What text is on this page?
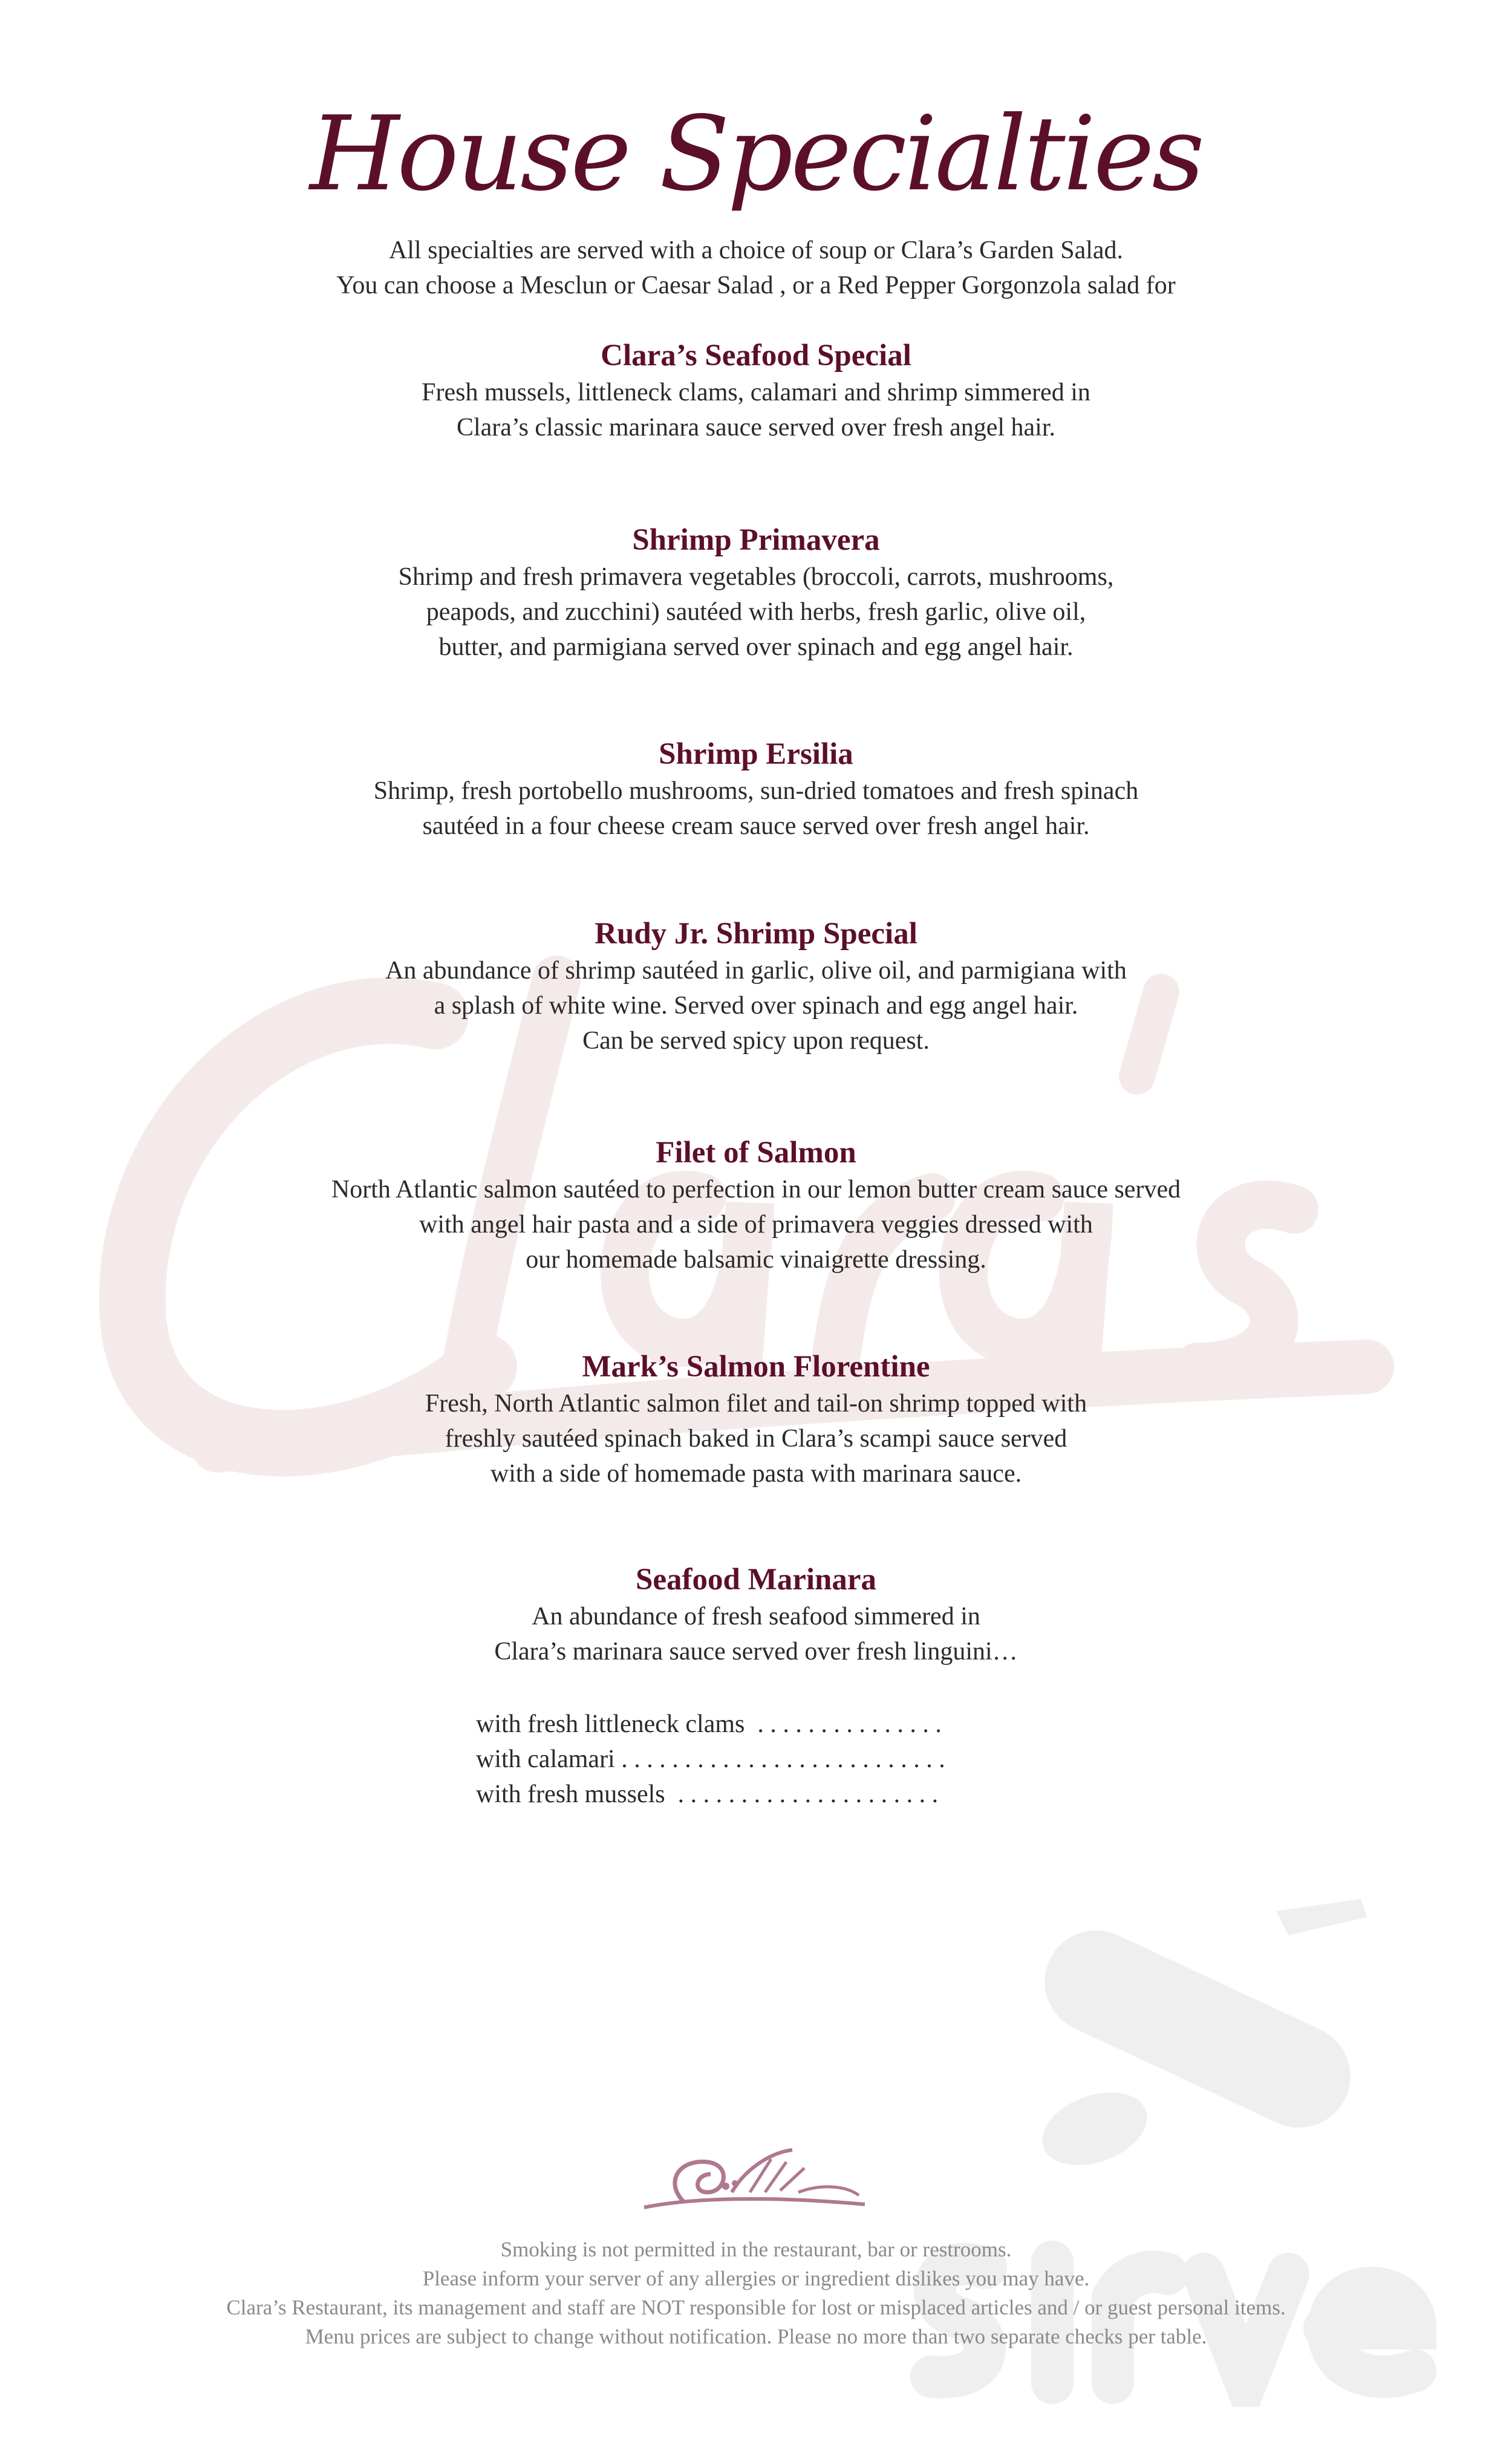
House Specialties
All specialties are served with a choice of soup or Clara’s Garden Salad.
You can choose a Mesclun or Caesar Salad , or a Red Pepper Gorgonzola salad for
Clara’s Seafood Special

Fresh mussels, littleneck clams, calamari and shrimp simmered in

Clara’s classic marinara sauce served over fresh angel hair.

Shrimp Primavera

Shrimp and fresh primavera vegetables (broccoli, carrots, mushrooms,

peapods, and zucchini) sautéed with herbs, fresh garlic, olive oil,

butter, and parmigiana served over spinach and egg angel hair.

Shrimp Ersilia

Shrimp, fresh portobello mushrooms, sun-dried tomatoes and fresh spinach

sautéed in a four cheese cream sauce served over fresh angel hair.

Rudy Jr. Shrimp Special

An abundance of shrimp sautéed in garlic, olive oil, and parmigiana with

a splash of white wine. Served over spinach and egg angel hair.

Can be served spicy upon request.

Filet of Salmon

North Atlantic salmon sautéed to perfection in our lemon butter cream sauce served

with angel hair pasta and a side of primavera veggies dressed with

our homemade balsamic vinaigrette dressing.

Mark’s Salmon Florentine

Fresh, North Atlantic salmon filet and tail-on shrimp topped with

freshly sautéed spinach baked in Clara’s scampi sauce served

with a side of homemade pasta with marinara sauce.

Seafood Marinara

An abundance of fresh seafood simmered in

Clara’s marinara sauce served over fresh linguini…

with fresh littleneck clams  . . . . . . . . . . . . . . .
with calamari . . . . . . . . . . . . . . . . . . . . . . . . . .
with fresh mussels  . . . . . . . . . . . . . . . . . . . . .
Smoking is not permitted in the restaurant, bar or restrooms.
Please inform your server of any allergies or ingredient dislikes you may have.
Clara’s Restaurant, its management and staff are NOT responsible for lost or misplaced articles and / or guest personal items.
Menu prices are subject to change without notification. Please no more than two separate checks per table.
